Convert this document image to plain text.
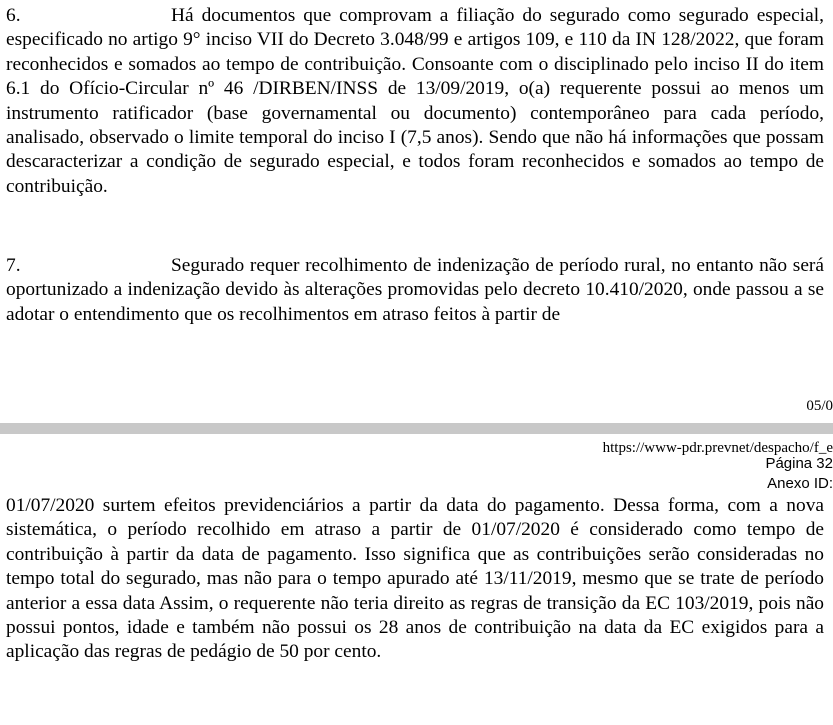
6.	Há documentos que comprovam a filiação do segurado como segurado especial, especificado no artigo 9° inciso VII do Decreto 3.048/99 e artigos 109, e 110 da IN 128/2022, que foram reconhecidos e somados ao tempo de contribuição. Consoante com o disciplinado pelo inciso II do item 6.1 do Ofício-Circular nº 46 /DIRBEN/INSS de 13/09/2019, o(a) requerente possui ao menos um instrumento ratificador (base governamental ou documento) contemporâneo para cada período, analisado, observado o limite temporal do inciso I (7,5 anos). Sendo que não há informações que possam descaracterizar a condição de segurado especial, e todos foram reconhecidos e somados ao tempo de contribuição.

7.	Segurado requer recolhimento de indenização de período rural, no entanto não será oportunizado a indenização devido às alterações promovidas pelo decreto 10.410/2020, onde passou a se adotar o entendimento que os recolhimentos em atraso feitos à partir de

05/0
https://www-pdr.prevnet/despacho/f_e
Página 32
Anexo ID:

01/07/2020 surtem efeitos previdenciários a partir da data do pagamento. Dessa forma, com a nova sistemática, o período recolhido em atraso a partir de 01/07/2020 é considerado como tempo de contribuição à partir da data de pagamento. Isso significa que as contribuições serão consideradas no tempo total do segurado, mas não para o tempo apurado até 13/11/2019, mesmo que se trate de período anterior a essa data Assim, o requerente não teria direito as regras de transição da EC 103/2019, pois não possui pontos, idade e também não possui os 28 anos de contribuição na data da EC exigidos para a aplicação das regras de pedágio de 50 por cento.
